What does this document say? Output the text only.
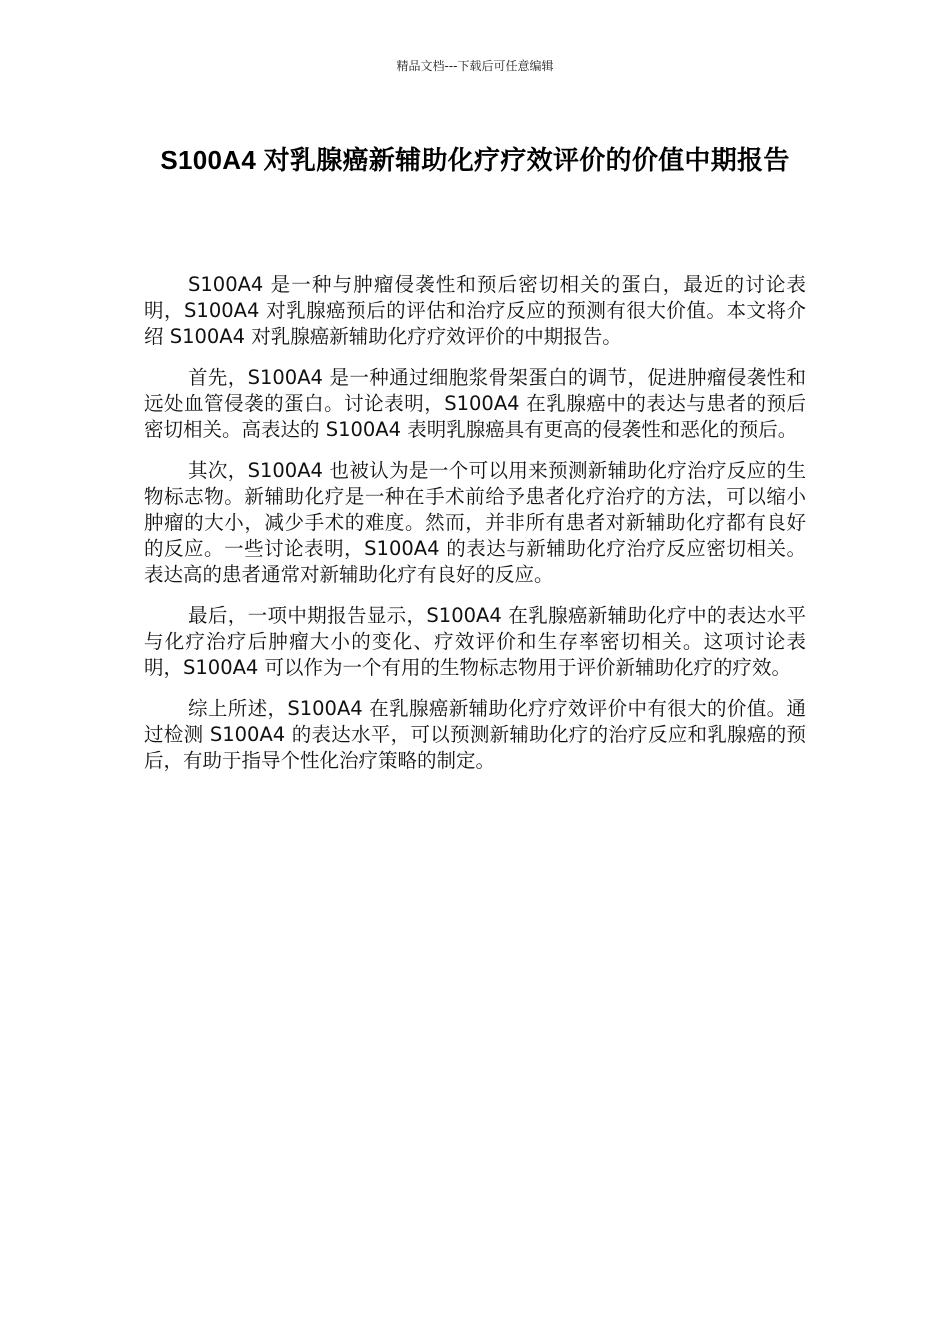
精品文档---下载后可任意编辑
S100A4 对乳腺癌新辅助化疗疗效评价的价值中期报告

S100A4 是一种与肿瘤侵袭性和预后密切相关的蛋白，最近的讨论表明，S100A4 对乳腺癌预后的评估和治疗反应的预测有很大价值。本文将介绍 S100A4 对乳腺癌新辅助化疗疗效评价的中期报告。

首先，S100A4 是一种通过细胞浆骨架蛋白的调节，促进肿瘤侵袭性和远处血管侵袭的蛋白。讨论表明，S100A4 在乳腺癌中的表达与患者的预后密切相关。高表达的 S100A4 表明乳腺癌具有更高的侵袭性和恶化的预后。

其次，S100A4 也被认为是一个可以用来预测新辅助化疗治疗反应的生物标志物。新辅助化疗是一种在手术前给予患者化疗治疗的方法，可以缩小肿瘤的大小，减少手术的难度。然而，并非所有患者对新辅助化疗都有良好的反应。一些讨论表明，S100A4 的表达与新辅助化疗治疗反应密切相关。表达高的患者通常对新辅助化疗有良好的反应。

最后，一项中期报告显示，S100A4 在乳腺癌新辅助化疗中的表达水平与化疗治疗后肿瘤大小的变化、疗效评价和生存率密切相关。这项讨论表明，S100A4 可以作为一个有用的生物标志物用于评价新辅助化疗的疗效。

综上所述，S100A4 在乳腺癌新辅助化疗疗效评价中有很大的价值。通过检测 S100A4 的表达水平，可以预测新辅助化疗的治疗反应和乳腺癌的预后，有助于指导个性化治疗策略的制定。
